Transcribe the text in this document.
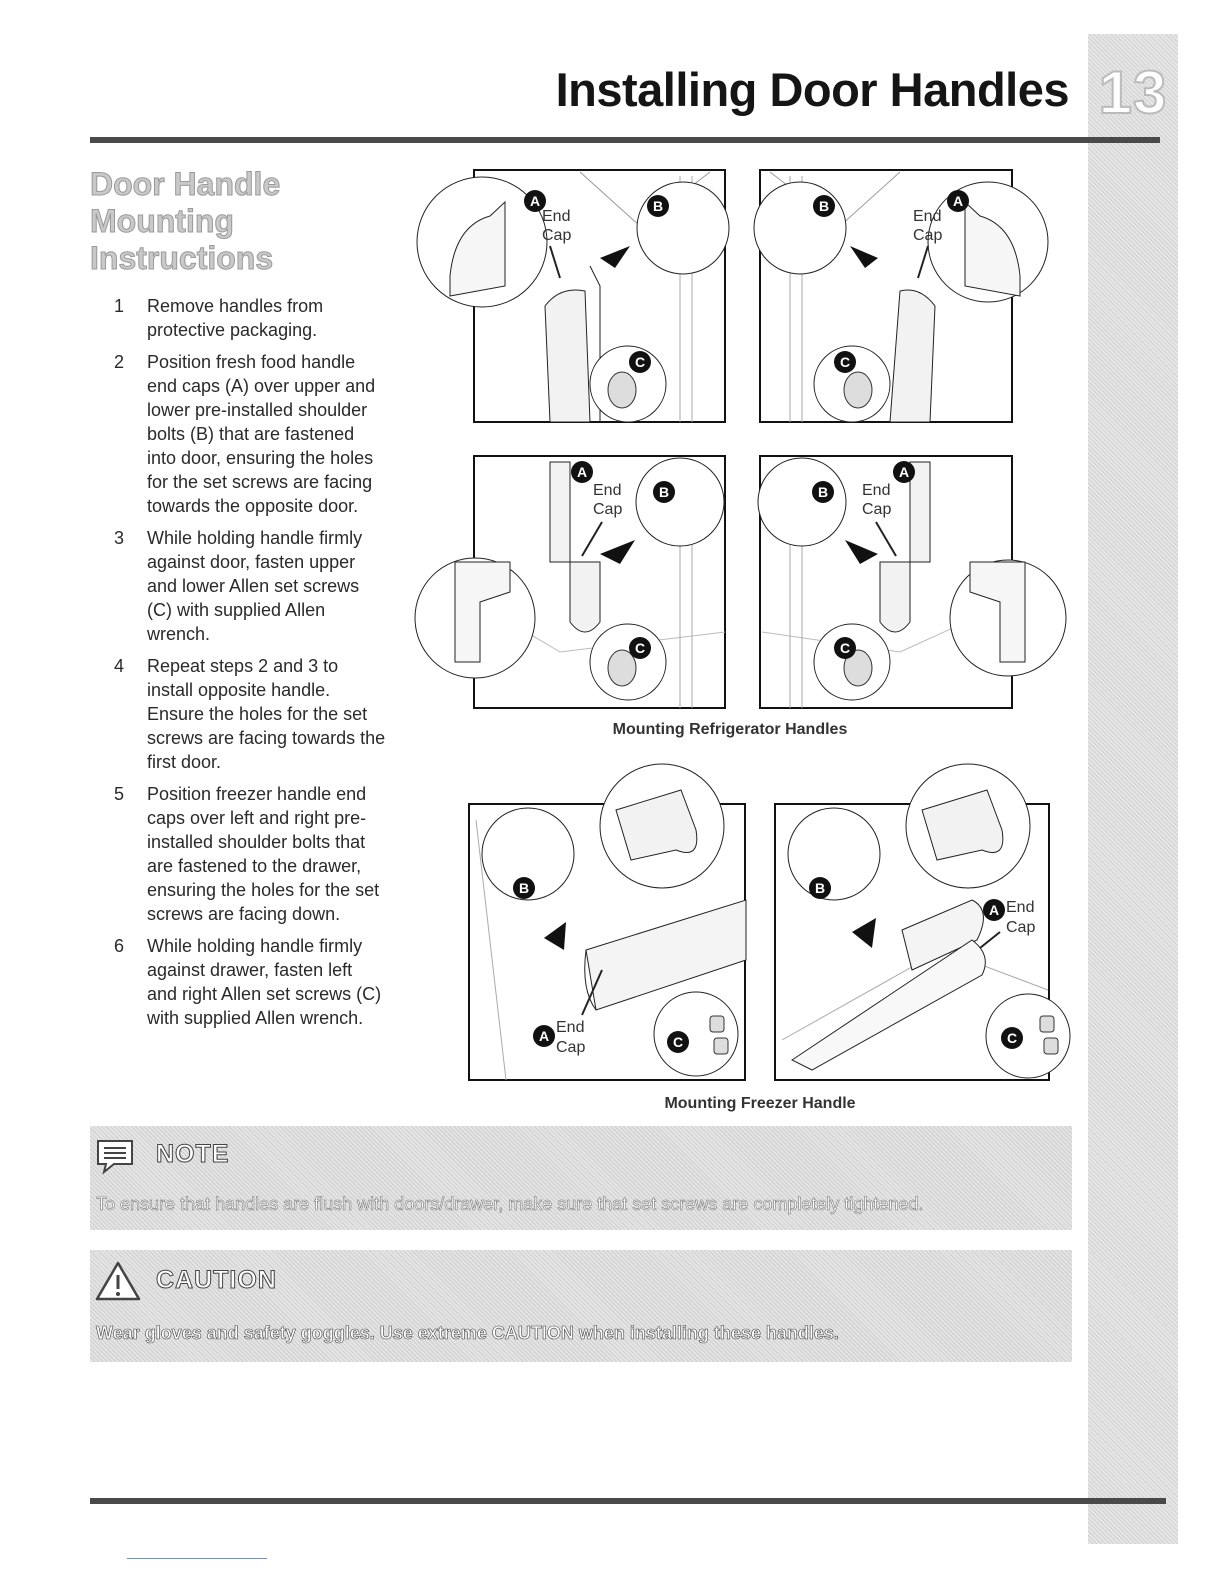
13
Installing Door Handles
Door Handle
Mounting
Instructions
1	Remove handles from protective packaging.
2	Position fresh food handle end caps (A) over upper and lower pre-installed shoulder bolts (B) that are fastened into door, ensuring the holes for the set screws are facing towards the opposite door.
3	While holding handle firmly against door, fasten upper and lower Allen set screws (C) with supplied Allen wrench.
4	Repeat steps 2 and 3 to install opposite handle. Ensure the holes for the set screws are facing towards the first door.
5	Position freezer handle end caps over left and right pre-installed shoulder bolts that are fastened to the drawer, ensuring the holes for the set screws are facing down.
6	While holding handle firmly against drawer, fasten left and right Allen set screws (C) with supplied Allen wrench.
A	B
C
End
Cap
A
B
C
End
Cap
A
B
C
End
Cap
A
B
C
End
Cap
Mounting Refrigerator Handles
B
A	C
End
Cap
B
A
C
End
Cap
Mounting Freezer Handle
NOTE
To ensure that handles are flush with doors/drawer, make sure that set screws are completely tightened.
CAUTION
Wear gloves and safety goggles. Use extreme CAUTION when installing these handles.
